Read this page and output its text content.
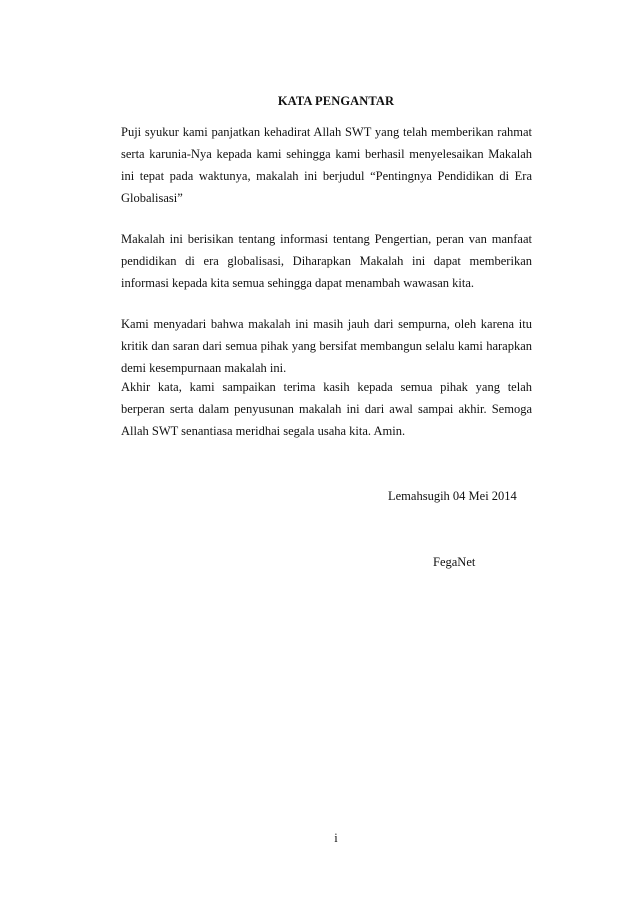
KATA PENGANTAR

Puji syukur kami panjatkan kehadirat Allah SWT yang telah memberikan rahmat serta karunia-Nya kepada kami sehingga kami berhasil menyelesaikan Makalah ini tepat pada waktunya, makalah ini berjudul “Pentingnya Pendidikan di Era Globalisasi”

Makalah ini berisikan tentang informasi tentang Pengertian, peran van manfaat pendidikan di era globalisasi, Diharapkan Makalah ini dapat memberikan informasi kepada kita semua sehingga dapat menambah wawasan kita.

Kami menyadari bahwa makalah ini masih jauh dari sempurna, oleh karena itu kritik dan saran dari semua pihak yang bersifat membangun selalu kami harapkan demi kesempurnaan makalah ini.

Akhir kata, kami sampaikan terima kasih kepada semua pihak yang telah berperan serta dalam penyusunan makalah ini dari awal sampai akhir. Semoga Allah SWT senantiasa meridhai segala usaha kita. Amin.

Lemahsugih 04 Mei 2014
FegaNet
i
